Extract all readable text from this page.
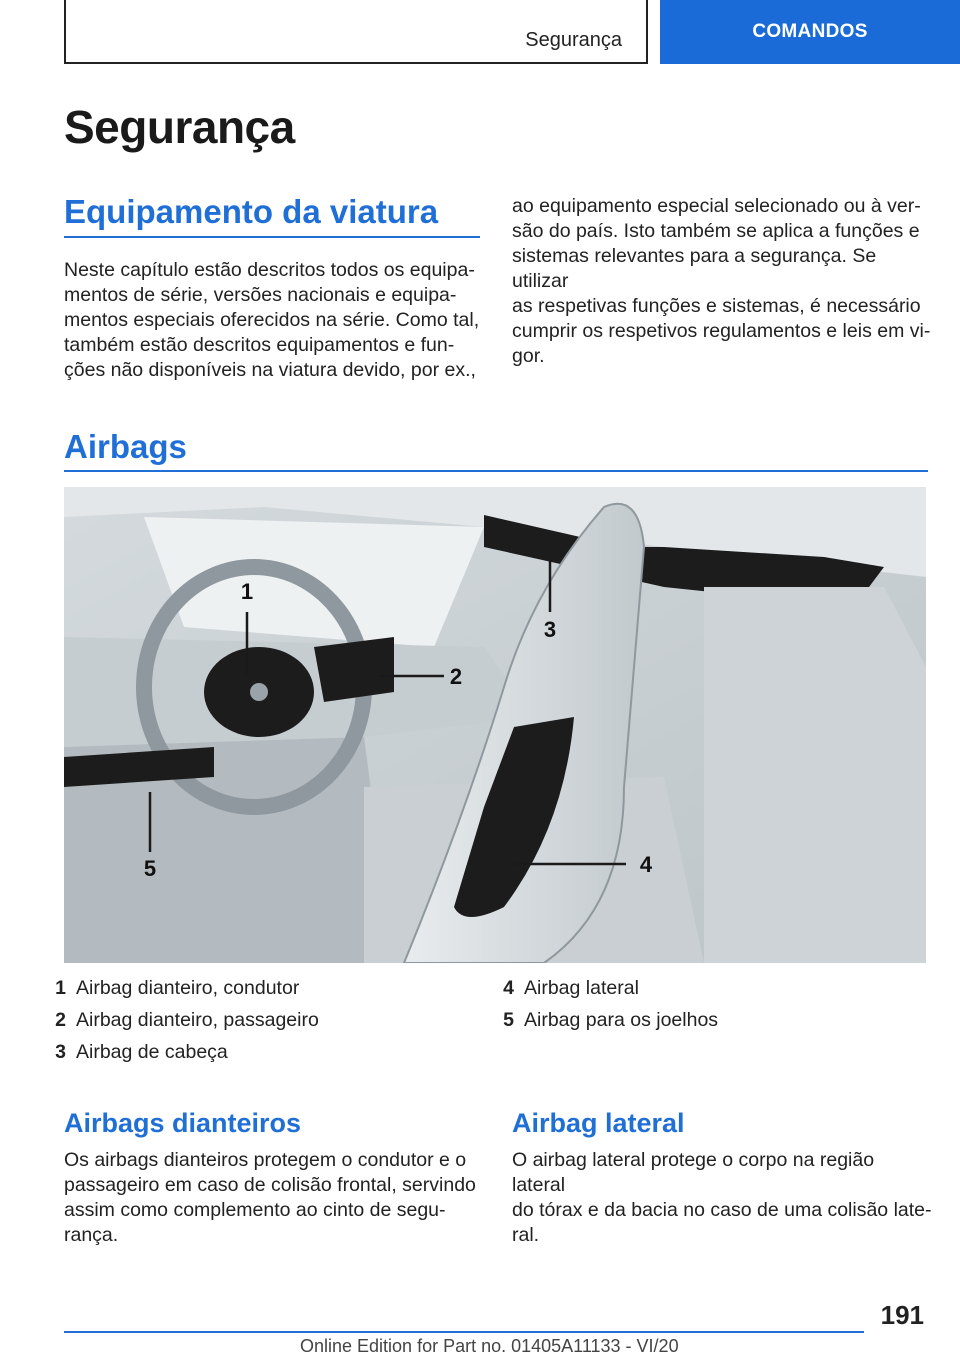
Segurança	COMANDOS
Segurança
Equipamento da viatura
Neste capítulo estão descritos todos os equipa-
mentos de série, versões nacionais e equipa-
mentos especiais oferecidos na série. Como tal,
também estão descritos equipamentos e fun-
ções não disponíveis na viatura devido, por ex.,
ao equipamento especial selecionado ou à ver-
são do país. Isto também se aplica a funções e
sistemas relevantes para a segurança. Se utilizar
as respetivas funções e sistemas, é necessário
cumprir os respetivos regulamentos e leis em vi-
gor.
Airbags
1
2
3
4
5
1 Airbag dianteiro, condutor
2 Airbag dianteiro, passageiro
3 Airbag de cabeça
4 Airbag lateral
5 Airbag para os joelhos
Airbags dianteiros
Os airbags dianteiros protegem o condutor e o
passageiro em caso de colisão frontal, servindo
assim como complemento ao cinto de segu-
rança.
Airbag lateral
O airbag lateral protege o corpo na região lateral
do tórax e da bacia no caso de uma colisão late-
ral.
191
Online Edition for Part no. 01405A11133 - VI/20
